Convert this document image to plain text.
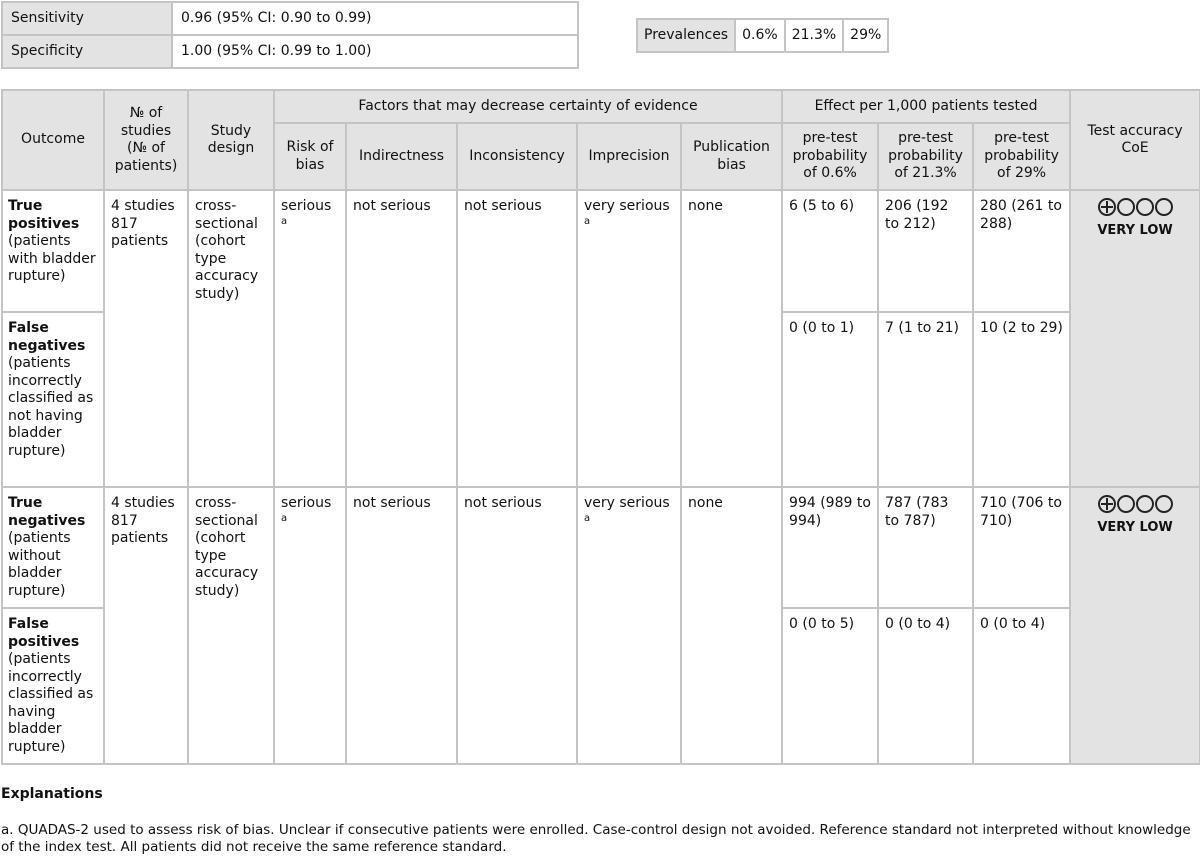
Sensitivity	0.96 (95% CI: 0.90 to 0.99)
Specificity	1.00 (95% CI: 0.99 to 1.00)
Prevalences	0.6%	21.3%	29%
Outcome	№ of studies (№ of patients)	Study design	Factors that may decrease certainty of evidence					Effect per 1,000 patients tested			Test accuracy CoE
			Risk of bias	Indirectness	Inconsistency	Imprecision	Publication bias	pre-test probability of 0.6%	pre-test probability of 21.3%	pre-test probability of 29%	
True positives (patients with bladder rupture)	4 studies 817 patients	cross-sectional (cohort type accuracy study)	serious $^a$	not serious	not serious	very serious $^a$	none	6 (5 to 6)	206 (192 to 212)	280 (261 to 288)	VERY LOW

False negatives (patients incorrectly classified as not having bladder rupture)								0 (0 to 1)	7 (1 to 21)	10 (2 to 29)	
True negatives (patients without bladder rupture)	4 studies 817 patients	cross-sectional (cohort type accuracy study)	serious $^a$	not serious	not serious	very serious $^a$	none	994 (989 to 994)	787 (783 to 787)	710 (706 to 710)	VERY LOW

False positives (patients incorrectly classified as having bladder rupture)								0 (0 to 5)	0 (0 to 4)	0 (0 to 4)	
Explanations
a. QUADAS-2 used to assess risk of bias. Unclear if consecutive patients were enrolled. Case-control design not avoided. Reference standard not interpreted without knowledge of the index test. All patients did not receive the same reference standard.
